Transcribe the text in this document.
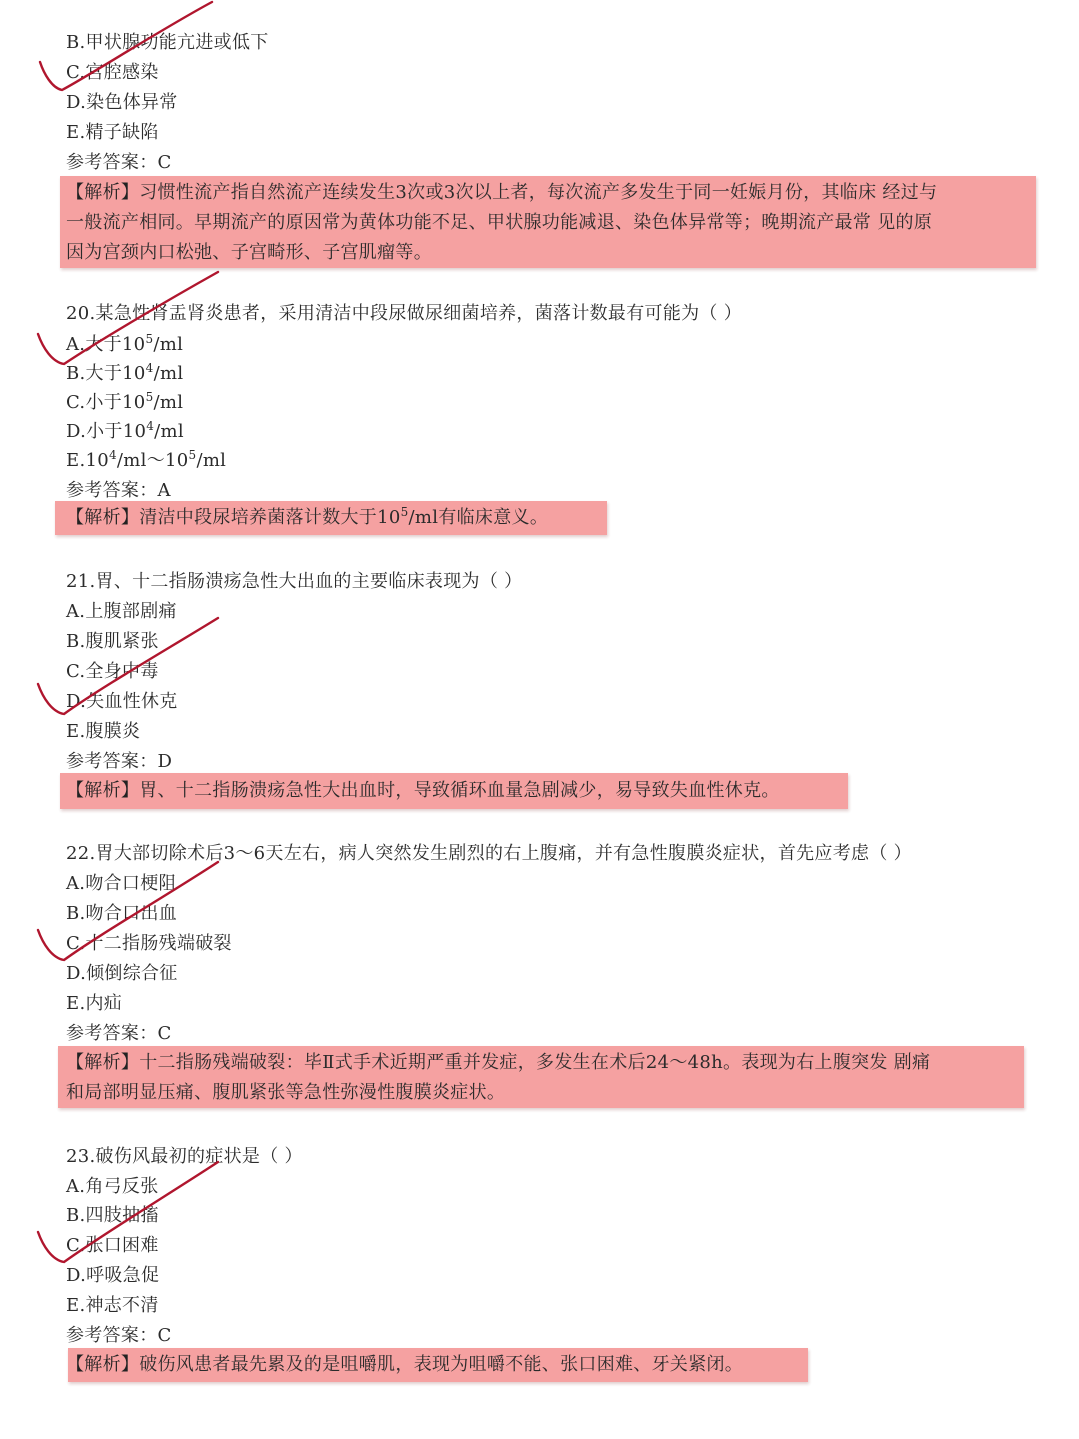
B.甲状腺功能亢进或低下
C.宫腔感染
D.染色体异常
E.精子缺陷
参考答案：C
【解析】习惯性流产指自然流产连续发生3次或3次以上者，每次流产多发生于同一妊娠月份，其临床 经过与
一般流产相同。早期流产的原因常为黄体功能不足、甲状腺功能减退、染色体异常等；晚期流产最常 见的原
因为宫颈内口松弛、子宫畸形、子宫肌瘤等。
20.某急性肾盂肾炎患者，采用清洁中段尿做尿细菌培养，菌落计数最有可能为（ ）
A.大于$10^5/ml$
B.大于$10^4/ml$
C.小于$10^5/ml$
D.小于$10^4/ml$
$E.10^4/ml\sim 10^5/ml$
参考答案：A
【解析】清洁中段尿培养菌落计数大于$10^5/ml$有临床意义。
21.胃、十二指肠溃疡急性大出血的主要临床表现为（ ）
A.上腹部剧痛
B.腹肌紧张
C.全身中毒
D.失血性休克
E.腹膜炎
参考答案：D
【解析】胃、十二指肠溃疡急性大出血时，导致循环血量急剧减少，易导致失血性休克。
22.胃大部切除术后3～6天左右，病人突然发生剧烈的右上腹痛，并有急性腹膜炎症状，首先应考虑（ ）
A.吻合口梗阻
B.吻合口出血
C.十二指肠残端破裂
D.倾倒综合征
E.内疝
参考答案：C
【解析】十二指肠残端破裂：毕Ⅱ式手术近期严重并发症，多发生在术后24～48h。表现为右上腹突发 剧痛
和局部明显压痛、腹肌紧张等急性弥漫性腹膜炎症状。
23.破伤风最初的症状是（ ）
A.角弓反张
B.四肢抽搐
C.张口困难
D.呼吸急促
E.神志不清
参考答案：C
【解析】破伤风患者最先累及的是咀嚼肌，表现为咀嚼不能、张口困难、牙关紧闭。
